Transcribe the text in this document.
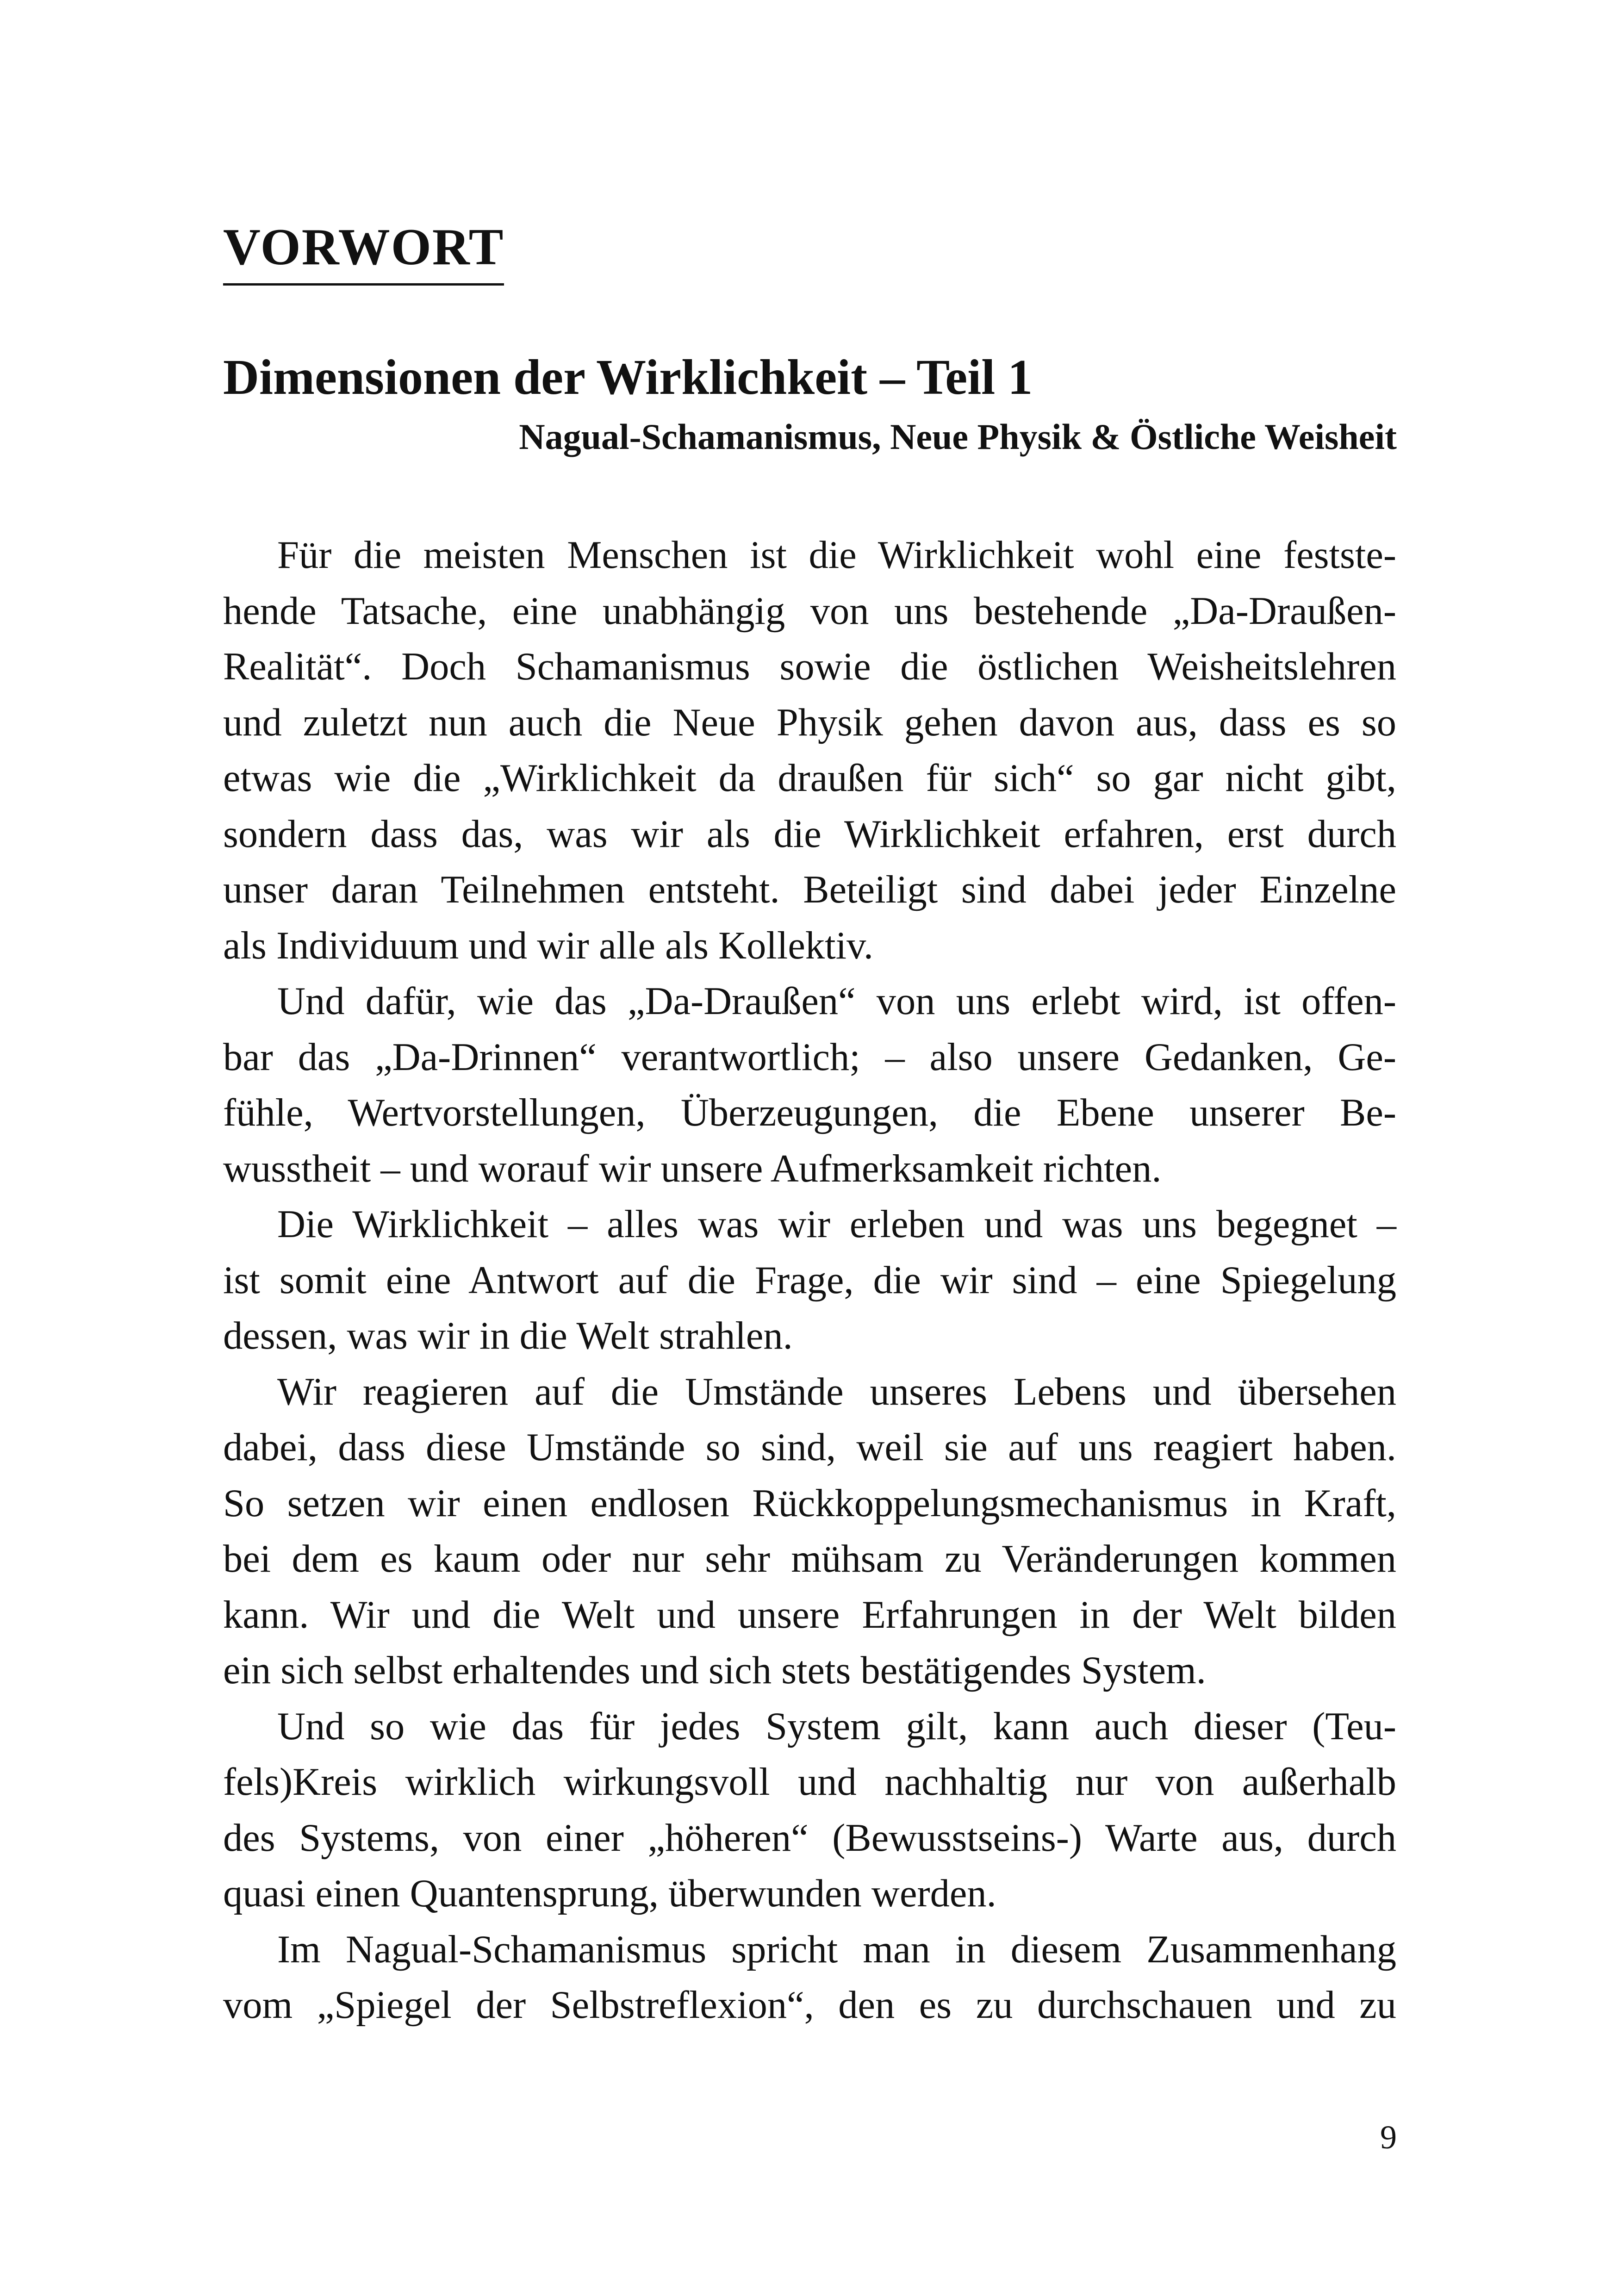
VORWORT
Dimensionen der Wirklichkeit – Teil 1
Nagual-Schamanismus, Neue Physik & Östliche Weisheit

Für die meisten Menschen ist die Wirklichkeit wohl eine festste-
hende Tatsache, eine unabhängig von uns bestehende „Da-Draußen-
Realität“. Doch Schamanismus sowie die östlichen Weisheitslehren
und zuletzt nun auch die Neue Physik gehen davon aus, dass es so
etwas wie die „Wirklichkeit da draußen für sich“ so gar nicht gibt,
sondern dass das, was wir als die Wirklichkeit erfahren, erst durch
unser daran Teilnehmen entsteht. Beteiligt sind dabei jeder Einzelne
als Individuum und wir alle als Kollektiv.

Und dafür, wie das „Da-Draußen“ von uns erlebt wird, ist offen-
bar das „Da-Drinnen“ verantwortlich; – also unsere Gedanken, Ge-
fühle, Wertvorstellungen, Überzeugungen, die Ebene unserer Be-
wusstheit – und worauf wir unsere Aufmerksamkeit richten.

Die Wirklichkeit – alles was wir erleben und was uns begegnet –
ist somit eine Antwort auf die Frage, die wir sind – eine Spiegelung
dessen, was wir in die Welt strahlen.

Wir reagieren auf die Umstände unseres Lebens und übersehen
dabei, dass diese Umstände so sind, weil sie auf uns reagiert haben.
So setzen wir einen endlosen Rückkoppelungsmechanismus in Kraft,
bei dem es kaum oder nur sehr mühsam zu Veränderungen kommen
kann. Wir und die Welt und unsere Erfahrungen in der Welt bilden
ein sich selbst erhaltendes und sich stets bestätigendes System.

Und so wie das für jedes System gilt, kann auch dieser (Teu-
fels)Kreis wirklich wirkungsvoll und nachhaltig nur von außerhalb
des Systems, von einer „höheren“ (Bewusstseins-) Warte aus, durch
quasi einen Quantensprung, überwunden werden.

Im Nagual-Schamanismus spricht man in diesem Zusammenhang
vom „Spiegel der Selbstreflexion“, den es zu durchschauen und zu

9
